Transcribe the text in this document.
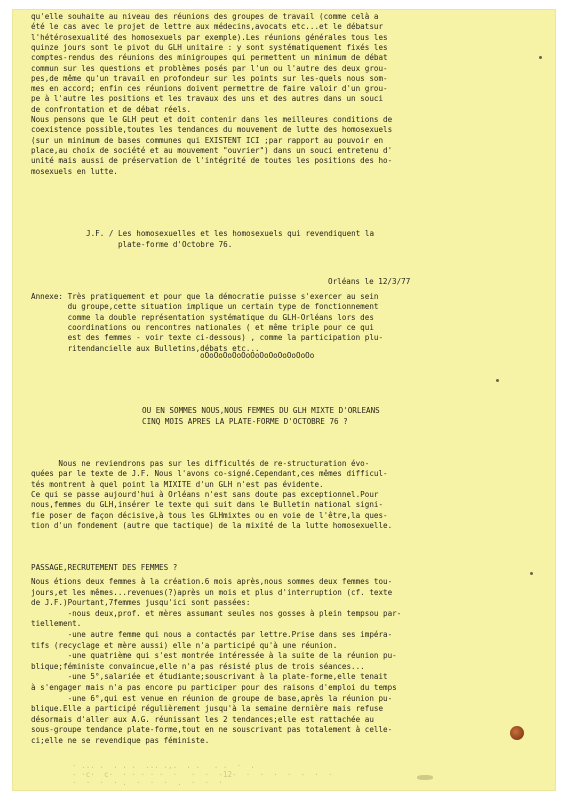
qu'elle souhaite au niveau des réunions des groupes de travail (comme celà a

été le cas avec le projet de lettre aux médecins,avocats etc...et le débatsur

l'hétérosexualité des homosexuels par exemple).Les réunions générales tous les

quinze jours sont le pivot du GLH unitaire : y sont systématiquement fixés les

comptes-rendus des réunions des minigroupes qui permettent un minimum de débat

commun sur les questions et problèmes posés par l'un ou l'autre des deux grou-

pes,de même qu'un travail en profondeur sur les points sur les-quels nous som-

mes en accord; enfin ces réunions doivent permettre de faire valoir d'un grou-

pe à l'autre les positions et les travaux des uns et des autres dans un souci

de confrontation et de débat réels.

Nous pensons que le GLH peut et doit contenir dans les meilleures conditions de

coexistence possible,toutes les tendances du mouvement de lutte des homosexuels

(sur un minimum de bases communes qui EXISTENT ICI ;par rapport au pouvoir en

place,au choix de société et au mouvement "ouvrier") dans un souci entretenu d'

unité mais aussi de préservation de l'intégrité de toutes les positions des ho-

mosexuels en lutte.

J.F. / Les homosexuelles et les homosexuels qui revendiquent la

plate-forme d'Octobre 76.

Orléans le 12/3/77

Annexe: Très pratiquement et pour que la démocratie puisse s'exercer au sein

du groupe,cette situation implique un certain type de fonctionnement

comme la double représentation systématique du GLH-Orléans lors des

coordinations ou rencontres nationales ( et même triple pour ce qui

est des femmes - voir texte ci-dessous) , comme la participation plu-

ritendancielle aux Bulletins,débats etc...

oOoOoOoOoOoOoOoOoOoOoOoOo

OU EN SOMMES NOUS,NOUS FEMMES DU GLH MIXTE D'ORLEANS

CINQ MOIS APRES LA PLATE-FORME D'OCTOBRE 76 ?

Nous ne reviendrons pas sur les difficultés de re-structuration évo-

quées par le texte de J.F. Nous l'avons co-signé.Cependant,ces mêmes difficul-

tés montrent à quel point la MIXITE d'un GLH n'est pas évidente.

Ce qui se passe aujourd'hui à Orléans n'est sans doute pas exceptionnel.Pour

nous,femmes du GLH,insérer le texte qui suit dans le Bulletin national signi-

fie poser de façon décisive,à tous les GLHmixtes ou en voie de l'être,la ques-

tion d'un fondement (autre que tactique) de la mixité de la lutte homosexuelle.

PASSAGE,RECRUTEMENT DES FEMMES ?

Nous étions deux femmes à la création.6 mois après,nous sommes deux femmes tou-

jours,et les mêmes...revenues(?)après un mois et plus d'interruption (cf. texte

de J.F.)Pourtant,7femmes jusqu'ici sont passées:

-nous deux,prof. et mères assumant seules nos gosses à plein tempsou par-

tiellement.

-une autre femme qui nous a contactés par lettre.Prise dans ses impéra-

tifs (recyclage et mère aussi) elle n'a participé qu'à une réunion.

-une quatrième qui s'est montrée intéressée à la suite de la réunion pu-

blique;féministe convaincue,elle n'a pas résisté plus de trois séances...

-une 5°,salariée et étudiante;souscrivant à la plate-forme,elle tenait

à s'engager mais n'a pas encore pu participer pour des raisons d'emploi du temps

-une 6°,qui est venue en réunion de groupe de base,après la réunion pu-

blique.Elle a participé régulièrement jusqu'à la semaine dernière mais refuse

désormais d'aller aux A.G. réunissant les 2 tendances;elle est rattachée au

sous-groupe tendance plate-forme,tout en ne souscrivant pas totalement à celle-

ci;elle ne se revendique pas féministe.

- ... .  . . .  ... .,.  . .   . .  ·  .

- ·c·  c·  · · · · ·  ·   ·  ·  -12-  ·  ·  ·  ·  -  ·  ·

·  ·  ·  · .  ·  ·  ·  .  ·  ·  ·
